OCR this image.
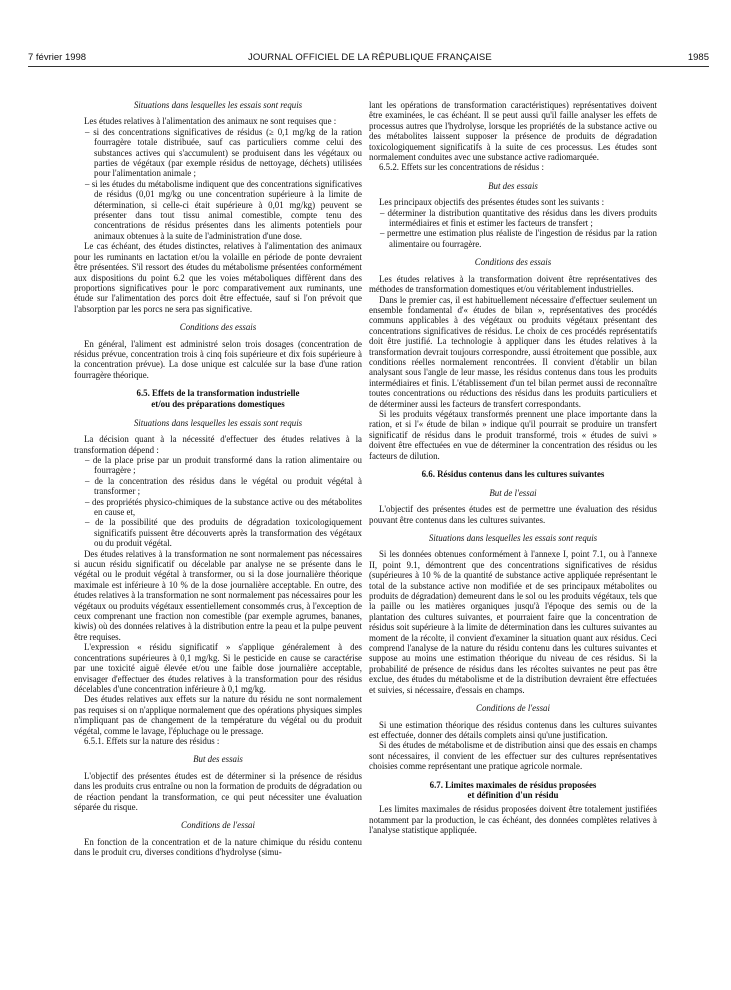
7 février 1998	JOURNAL OFFICIEL DE LA RÉPUBLIQUE FRANÇAISE	1985

Situations dans lesquelles les essais sont requis

Les études relatives à l'alimentation des animaux ne sont requises que :

– si des concentrations significatives de résidus (≥ 0,1 mg/kg de la ration fourragère totale distribuée, sauf cas particuliers comme celui des substances actives qui s'accumulent) se produisent dans les végétaux ou parties de végétaux (par exemple résidus de nettoyage, déchets) utilisées pour l'alimentation animale ;

– si les études du métabolisme indiquent que des concentrations significatives de résidus (0,01 mg/kg ou une concentration supérieure à la limite de détermination, si celle-ci était supérieure à 0,01 mg/kg) peuvent se présenter dans tout tissu animal comestible, compte tenu des concentrations de résidus présentes dans les aliments potentiels pour animaux obtenues à la suite de l'administration d'une dose.

Le cas échéant, des études distinctes, relatives à l'alimentation des animaux pour les ruminants en lactation et/ou la volaille en période de ponte devraient être présentées. S'il ressort des études du métabolisme présentées conformément aux dispositions du point 6.2 que les voies métaboliques diffèrent dans des proportions significatives pour le porc comparativement aux ruminants, une étude sur l'alimentation des porcs doit être effectuée, sauf si l'on prévoit que l'absorption par les porcs ne sera pas significative.

Conditions des essais

En général, l'aliment est administré selon trois dosages (concentration de résidus prévue, concentration trois à cinq fois supérieure et dix fois supérieure à la concentration prévue). La dose unique est calculée sur la base d'une ration fourragère théorique.

6.5. Effets de la transformation industrielle

et/ou des préparations domestiques

Situations dans lesquelles les essais sont requis

La décision quant à la nécessité d'effectuer des études relatives à la transformation dépend :

– de la place prise par un produit transformé dans la ration alimentaire ou fourragère ;

– de la concentration des résidus dans le végétal ou produit végétal à transformer ;

– des propriétés physico-chimiques de la substance active ou des métabolites en cause et,

– de la possibilité que des produits de dégradation toxicologiquement significatifs puissent être découverts après la transformation des végétaux ou du produit végétal.

Des études relatives à la transformation ne sont normalement pas nécessaires si aucun résidu significatif ou décelable par analyse ne se présente dans le végétal ou le produit végétal à transformer, ou si la dose journalière théorique maximale est inférieure à 10 % de la dose journalière acceptable. En outre, des études relatives à la transformation ne sont normalement pas nécessaires pour les végétaux ou produits végétaux essentiellement consommés crus, à l'exception de ceux comprenant une fraction non comestible (par exemple agrumes, bananes, kiwis) où des données relatives à la distribution entre la peau et la pulpe peuvent être requises.

L'expression « résidu significatif » s'applique généralement à des concentrations supérieures à 0,1 mg/kg. Si le pesticide en cause se caractérise par une toxicité aiguë élevée et/ou une faible dose journalière acceptable, envisager d'effectuer des études relatives à la transformation pour des résidus décelables d'une concentration inférieure à 0,1 mg/kg.

Des études relatives aux effets sur la nature du résidu ne sont normalement pas requises si on n'applique normalement que des opérations physiques simples n'impliquant pas de changement de la température du végétal ou du produit végétal, comme le lavage, l'épluchage ou le pressage.

6.5.1. Effets sur la nature des résidus :

But des essais

L'objectif des présentes études est de déterminer si la présence de résidus dans les produits crus entraîne ou non la formation de produits de dégradation ou de réaction pendant la transformation, ce qui peut nécessiter une évaluation séparée du risque.

Conditions de l'essai

En fonction de la concentration et de la nature chimique du résidu contenu dans le produit cru, diverses conditions d'hydrolyse (simu-

lant les opérations de transformation caractéristiques) représentatives doivent être examinées, le cas échéant. Il se peut aussi qu'il faille analyser les effets de processus autres que l'hydrolyse, lorsque les propriétés de la substance active ou des métabolites laissent supposer la présence de produits de dégradation toxicologiquement significatifs à la suite de ces processus. Les études sont normalement conduites avec une substance active radiomarquée.

6.5.2. Effets sur les concentrations de résidus :

But des essais

Les principaux objectifs des présentes études sont les suivants :

– déterminer la distribution quantitative des résidus dans les divers produits intermédiaires et finis et estimer les facteurs de transfert ;

– permettre une estimation plus réaliste de l'ingestion de résidus par la ration alimentaire ou fourragère.

Conditions des essais

Les études relatives à la transformation doivent être représentatives des méthodes de transformation domestiques et/ou véritablement industrielles.

Dans le premier cas, il est habituellement nécessaire d'effectuer seulement un ensemble fondamental d'« études de bilan », représentatives des procédés communs applicables à des végétaux ou produits végétaux présentant des concentrations significatives de résidus. Le choix de ces procédés représentatifs doit être justifié. La technologie à appliquer dans les études relatives à la transformation devrait toujours correspondre, aussi étroitement que possible, aux conditions réelles normalement rencontrées. Il convient d'établir un bilan analysant sous l'angle de leur masse, les résidus contenus dans tous les produits intermédiaires et finis. L'établissement d'un tel bilan permet aussi de reconnaître toutes concentrations ou réductions des résidus dans les produits particuliers et de déterminer aussi les facteurs de transfert correspondants.

Si les produits végétaux transformés prennent une place importante dans la ration, et si l'« étude de bilan » indique qu'il pourrait se produire un transfert significatif de résidus dans le produit transformé, trois « études de suivi » doivent être effectuées en vue de déterminer la concentration des résidus ou les facteurs de dilution.

6.6. Résidus contenus dans les cultures suivantes

But de l'essai

L'objectif des présentes études est de permettre une évaluation des résidus pouvant être contenus dans les cultures suivantes.

Situations dans lesquelles les essais sont requis

Si les données obtenues conformément à l'annexe I, point 7.1, ou à l'annexe II, point 9.1, démontrent que des concentrations significatives de résidus (supérieures à 10 % de la quantité de substance active appliquée représentant le total de la substance active non modifiée et de ses principaux métabolites ou produits de dégradation) demeurent dans le sol ou les produits végétaux, tels que la paille ou les matières organiques jusqu'à l'époque des semis ou de la plantation des cultures suivantes, et pourraient faire que la concentration de résidus soit supérieure à la limite de détermination dans les cultures suivantes au moment de la récolte, il convient d'examiner la situation quant aux résidus. Ceci comprend l'analyse de la nature du résidu contenu dans les cultures suivantes et suppose au moins une estimation théorique du niveau de ces résidus. Si la probabilité de présence de résidus dans les récoltes suivantes ne peut pas être exclue, des études du métabolisme et de la distribution devraient être effectuées et suivies, si nécessaire, d'essais en champs.

Conditions de l'essai

Si une estimation théorique des résidus contenus dans les cultures suivantes est effectuée, donner des détails complets ainsi qu'une justification.

Si des études de métabolisme et de distribution ainsi que des essais en champs sont nécessaires, il convient de les effectuer sur des cultures représentatives choisies comme représentant une pratique agricole normale.

6.7. Limites maximales de résidus proposées

et définition d'un résidu

Les limites maximales de résidus proposées doivent être totalement justifiées notamment par la production, le cas échéant, des données complètes relatives à l'analyse statistique appliquée.
